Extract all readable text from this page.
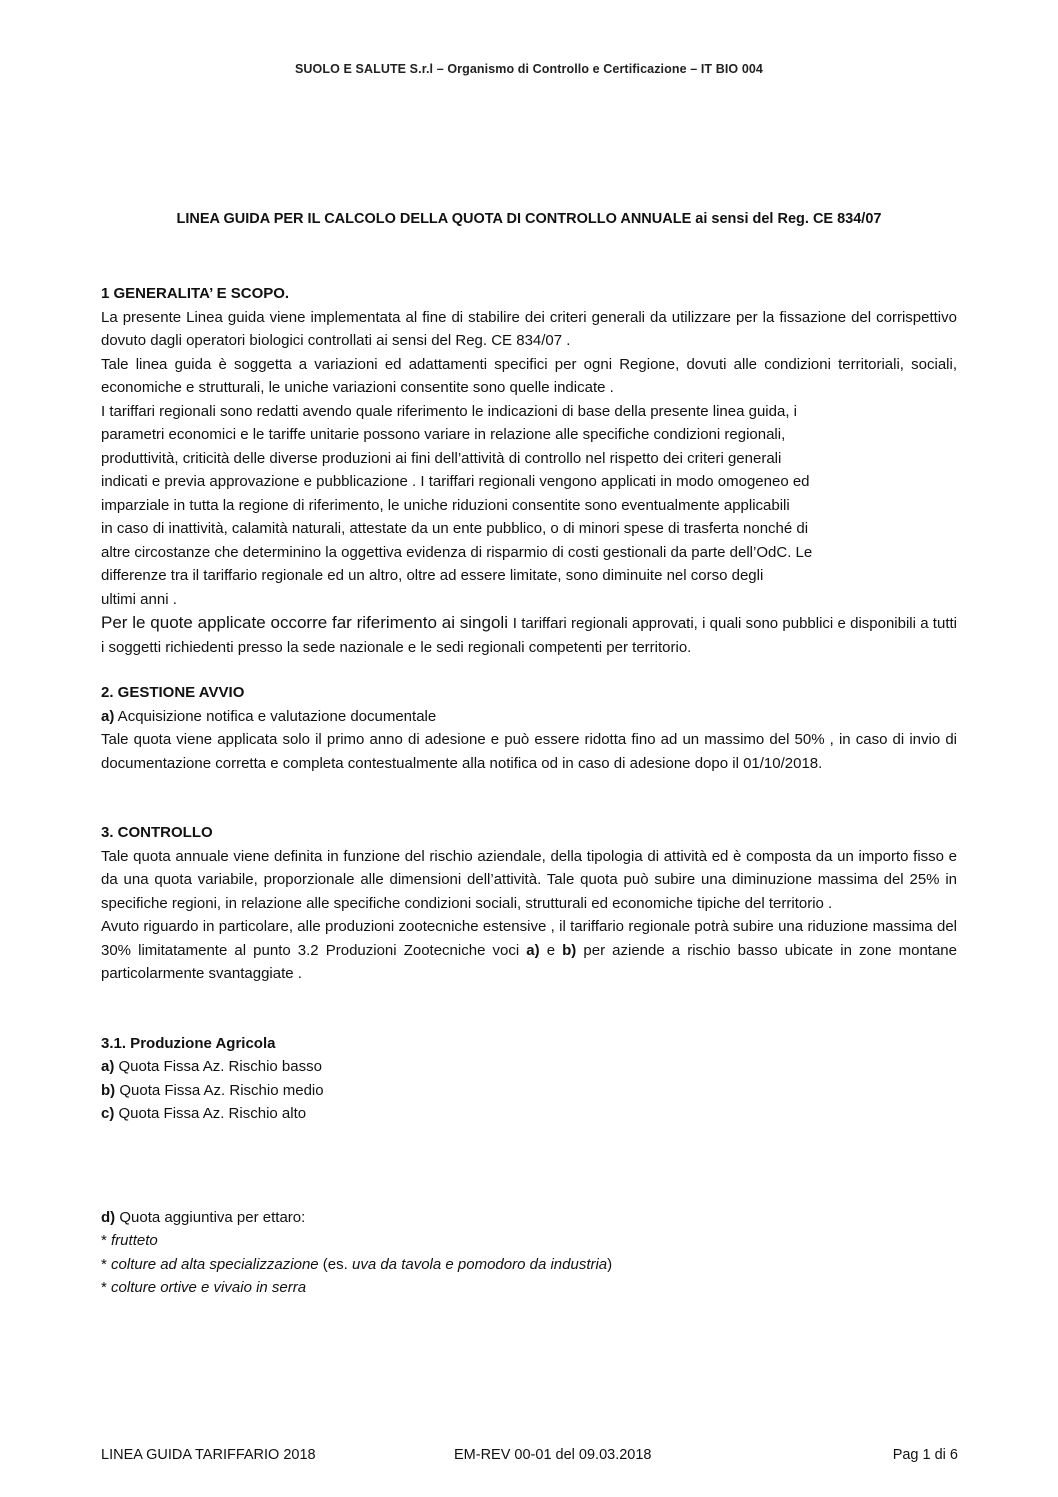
SUOLO E SALUTE S.r.l – Organismo di Controllo e Certificazione – IT BIO 004
LINEA GUIDA PER IL CALCOLO DELLA QUOTA DI CONTROLLO ANNUALE ai sensi del Reg. CE 834/07

1 GENERALITA’ E SCOPO.

La presente Linea guida viene implementata al fine di stabilire dei criteri generali da utilizzare per la fissazione del corrispettivo dovuto dagli operatori biologici controllati ai sensi del Reg. CE 834/07 .

Tale linea guida è soggetta a variazioni ed adattamenti specifici per ogni Regione, dovuti alle condizioni territoriali, sociali, economiche e strutturali, le uniche variazioni consentite sono quelle indicate .

I tariffari regionali sono redatti avendo quale riferimento le indicazioni di base della presente linea guida, i

parametri economici e le tariffe unitarie possono variare in relazione alle specifiche condizioni regionali,

produttività, criticità delle diverse produzioni ai fini dell’attività di controllo nel rispetto dei criteri generali

indicati e previa approvazione e pubblicazione . I tariffari regionali vengono applicati in modo omogeneo ed

imparziale in tutta la regione di riferimento, le uniche riduzioni consentite sono eventualmente applicabili

in caso di inattività, calamità naturali, attestate da un ente pubblico, o di minori spese di trasferta nonché di

altre circostanze che determinino la oggettiva evidenza di risparmio di costi gestionali da parte dell’OdC. Le

differenze tra il tariffario regionale ed un altro, oltre ad essere limitate, sono diminuite nel corso degli

ultimi anni .

Per le quote applicate occorre far riferimento ai singoli I tariffari regionali approvati, i quali sono pubblici e disponibili a tutti i soggetti richiedenti presso la sede nazionale e le sedi regionali competenti per territorio.

2. GESTIONE AVVIO

a) Acquisizione notifica e valutazione documentale

Tale quota viene applicata solo il primo anno di adesione e può essere ridotta fino ad un massimo del 50% , in caso di invio di documentazione corretta e completa contestualmente alla notifica od in caso di adesione dopo il 01/10/2018.

3. CONTROLLO

Tale quota annuale viene definita in funzione del rischio aziendale, della tipologia di attività ed è composta da un importo fisso e da una quota variabile, proporzionale alle dimensioni dell’attività. Tale quota può subire una diminuzione massima del 25% in specifiche regioni, in relazione alle specifiche condizioni sociali, strutturali ed economiche tipiche del territorio .

Avuto riguardo in particolare, alle produzioni zootecniche estensive , il tariffario regionale potrà subire una riduzione massima del 30% limitatamente al punto 3.2 Produzioni Zootecniche voci a) e b) per aziende a rischio basso ubicate in zone montane particolarmente svantaggiate .

3.1. Produzione Agricola

a) Quota Fissa Az. Rischio basso

b) Quota Fissa Az. Rischio medio

c) Quota Fissa Az. Rischio alto

d) Quota aggiuntiva per ettaro:

* frutteto

* colture ad alta specializzazione (es. uva da tavola e pomodoro da industria)

* colture ortive e vivaio in serra

LINEA GUIDA TARIFFARIO 2018	EM-REV 00-01 del 09.03.2018	Pag 1 di 6
